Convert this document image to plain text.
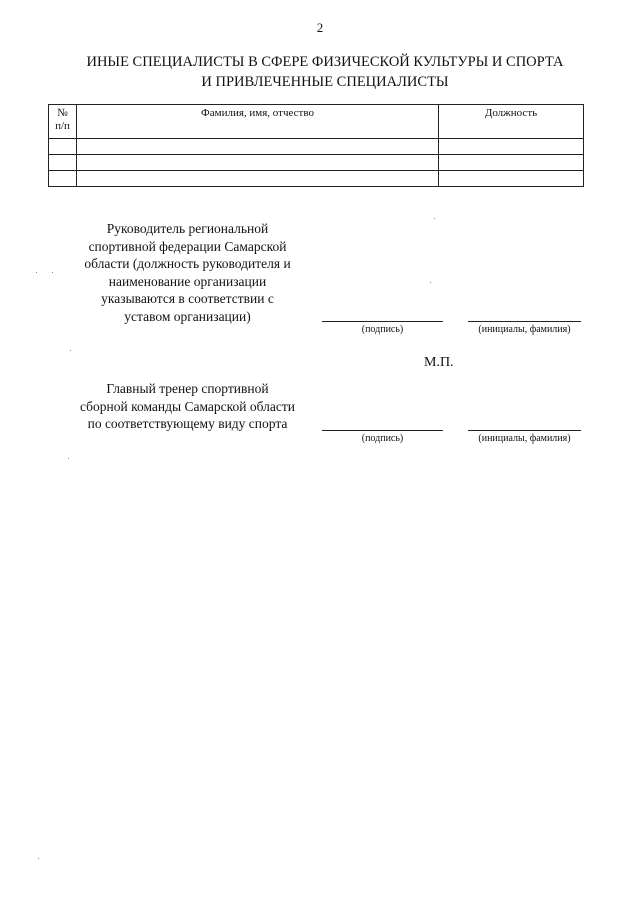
2
ИНЫЕ СПЕЦИАЛИСТЫ В СФЕРЕ ФИЗИЧЕСКОЙ КУЛЬТУРЫ И СПОРТА
И ПРИВЛЕЧЕННЫЕ СПЕЦИАЛИСТЫ
№
п/п	Фамилия, имя, отчество	Должность

Руководитель региональной
спортивной федерации Самарской
области (должность руководителя и
наименование организации
указываются в соответствии с
уставом организации)
(подпись)	(инициалы, фамилия)
М.П.
Главный тренер спортивной
сборной команды Самарской области
по соответствующему виду спорта
(подпись)	(инициалы, фамилия)
